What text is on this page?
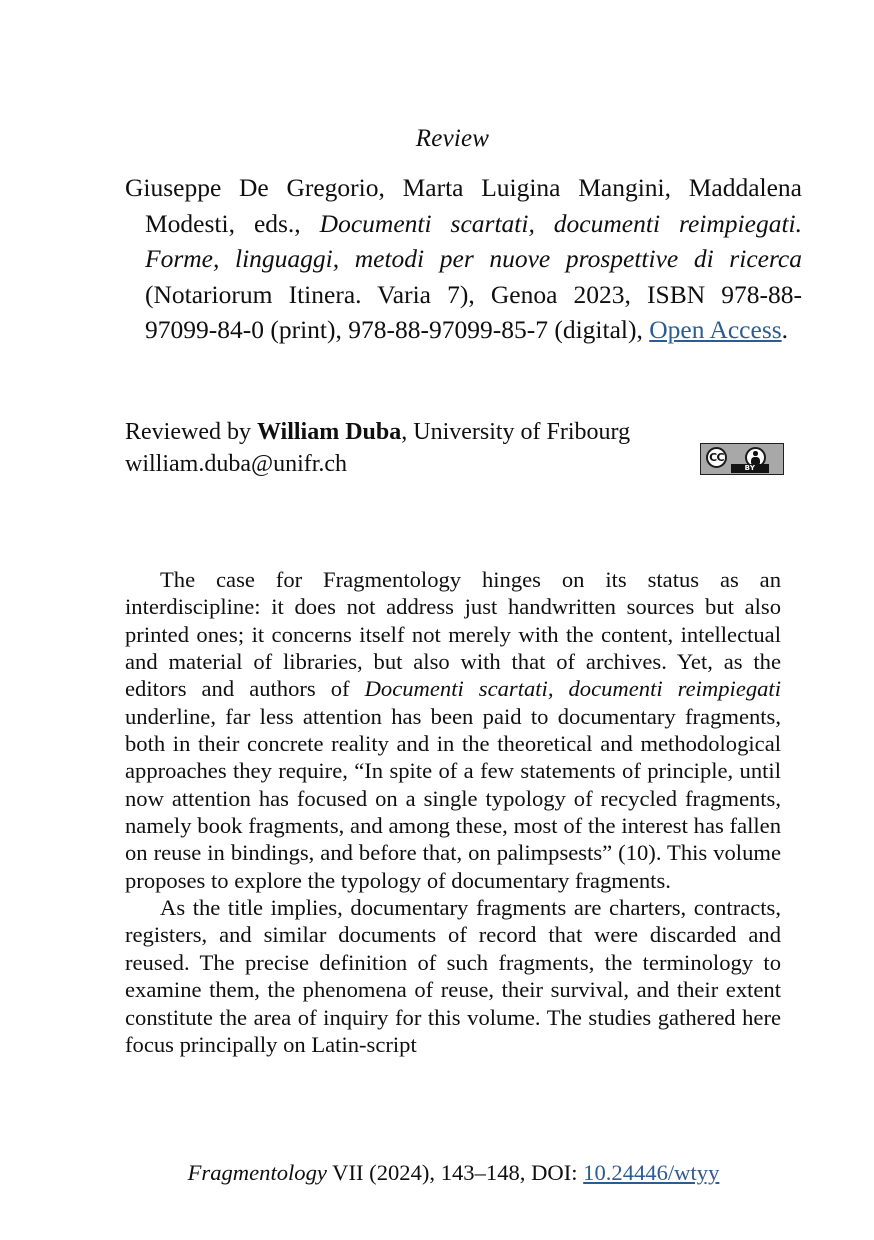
Review
Giuseppe De Gregorio, Marta Luigina Mangini, Maddalena Modesti, eds., Documenti scartati, documenti reimpiegati. Forme, linguaggi, metodi per nuove prospettive di ricerca (Notariorum Itinera. Varia 7), Genoa 2023, ISBN 978-88-97099-84-0 (print), 978-88-97099-85-7 (digital), Open Access.
Reviewed by William Duba, University of Fribourg
william.duba@unifr.ch	CC
BY

The case for Fragmentology hinges on its status as an interdiscipline: it does not address just handwritten sources but also printed ones; it concerns itself not merely with the content, intellectual and material of libraries, but also with that of archives. Yet, as the editors and authors of Documenti scartati, documenti reimpiegati underline, far less attention has been paid to documentary fragments, both in their concrete reality and in the theoretical and methodological approaches they require, “In spite of a few statements of principle, until now attention has focused on a single typology of recycled fragments, namely book fragments, and among these, most of the interest has fallen on reuse in bindings, and before that, on palimpsests” (10). This volume proposes to explore the typology of documentary fragments.

As the title implies, documentary fragments are charters, contracts, registers, and similar documents of record that were discarded and reused. The precise definition of such fragments, the terminology to examine them, the phenomena of reuse, their survival, and their extent constitute the area of inquiry for this volume. The studies gathered here focus principally on Latin-script

Fragmentology VII (2024), 143–148, DOI: 10.24446/wtyy
